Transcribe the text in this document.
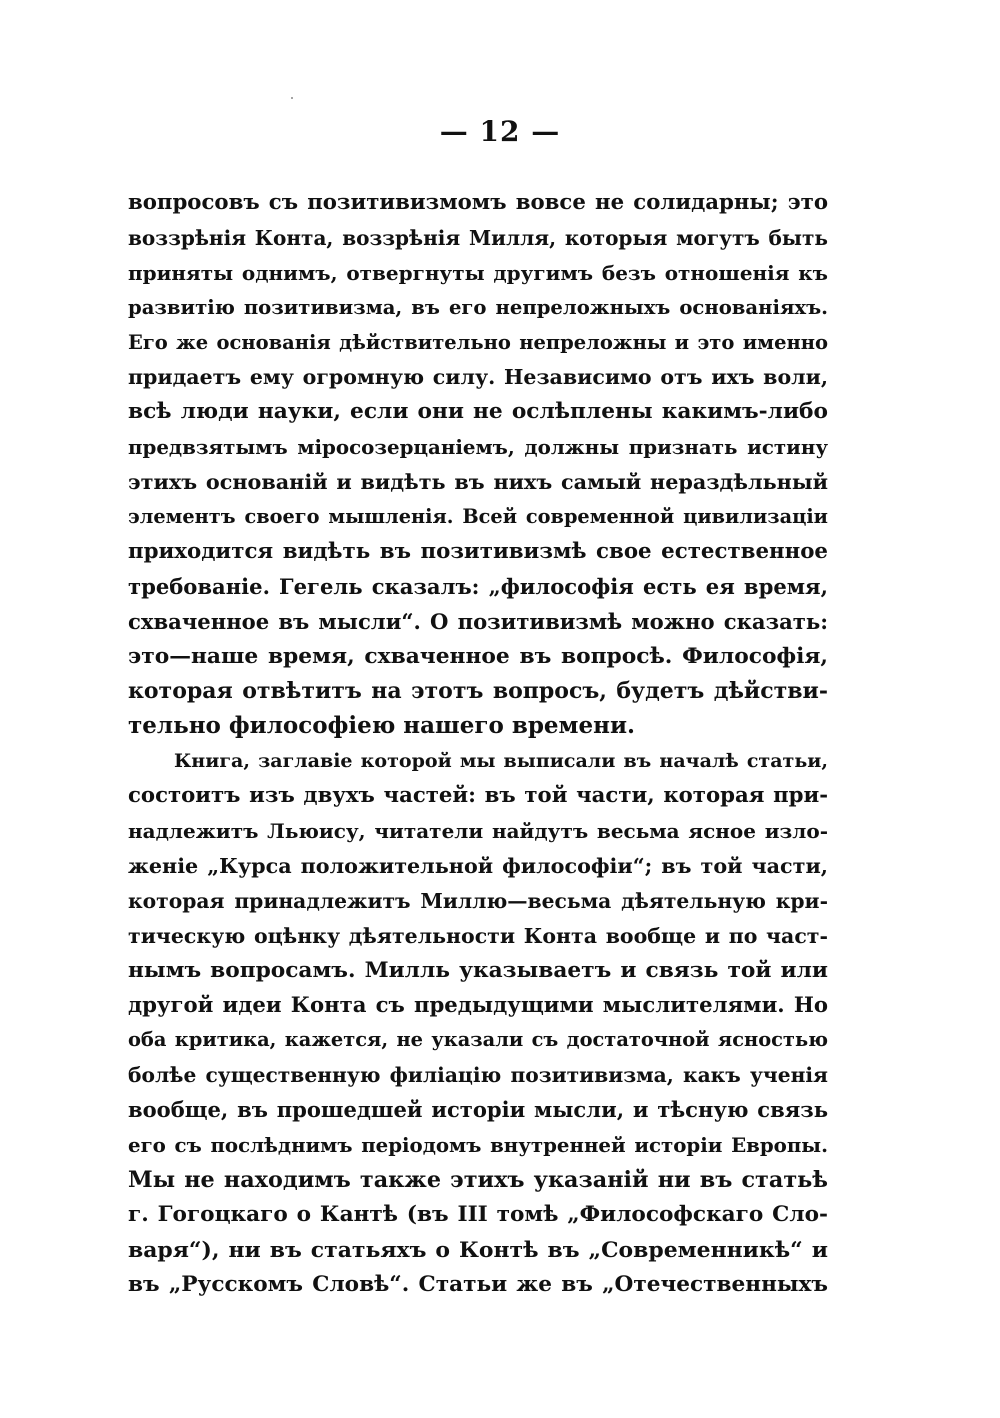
— 12 —
вопросовъ съ позитивизмомъ вовсе не солидарны; это
воззрѣнія Конта, воззрѣнія Милля, которыя могутъ быть
приняты однимъ, отвергнуты другимъ безъ отношенія къ
развитію позитивизма, въ его непреложныхъ основаніяхъ.
Его же основанія дѣйствительно непреложны и это именно
придаетъ ему огромную силу. Независимо отъ ихъ воли,
всѣ люди науки, если они не ослѣплены какимъ-либо
предвзятымъ міросозерцаніемъ, должны признать истину
этихъ основаній и видѣть въ нихъ самый нераздѣльный
элементъ своего мышленія. Всей современной цивилизаціи
приходится видѣть въ позитивизмѣ свое естественное
требованіе. Гегель сказалъ: „философія есть ея время,
схваченное въ мысли“. О позитивизмѣ можно сказать:
это—наше время, схваченное въ вопросѣ. Философія,
которая отвѣтитъ на этотъ вопросъ, будетъ дѣйстви-
тельно философіею нашего времени.
Книга, заглавіе которой мы выписали въ началѣ статьи,
состоитъ изъ двухъ частей: въ той части, которая при-
надлежитъ Льюису, читатели найдутъ весьма ясное изло-
женіе „Курса положительной философіи“; въ той части,
которая принадлежитъ Миллю—весьма дѣятельную кри-
тическую оцѣнку дѣятельности Конта вообще и по част-
нымъ вопросамъ. Милль указываетъ и связь той или
другой идеи Конта съ предыдущими мыслителями. Но
оба критика, кажется, не указали съ достаточной ясностью
болѣе существенную филіацію позитивизма, какъ ученія
вообще, въ прошедшей исторіи мысли, и тѣсную связь
его съ послѣднимъ періодомъ внутренней исторіи Европы.
Мы не находимъ также этихъ указаній ни въ статьѣ
г. Гогоцкаго о Кантѣ (въ III томѣ „Философскаго Сло-
варя“), ни въ статьяхъ о Контѣ въ „Современникѣ“ и
въ „Русскомъ Словѣ“. Статьи же въ „Отечественныхъ
